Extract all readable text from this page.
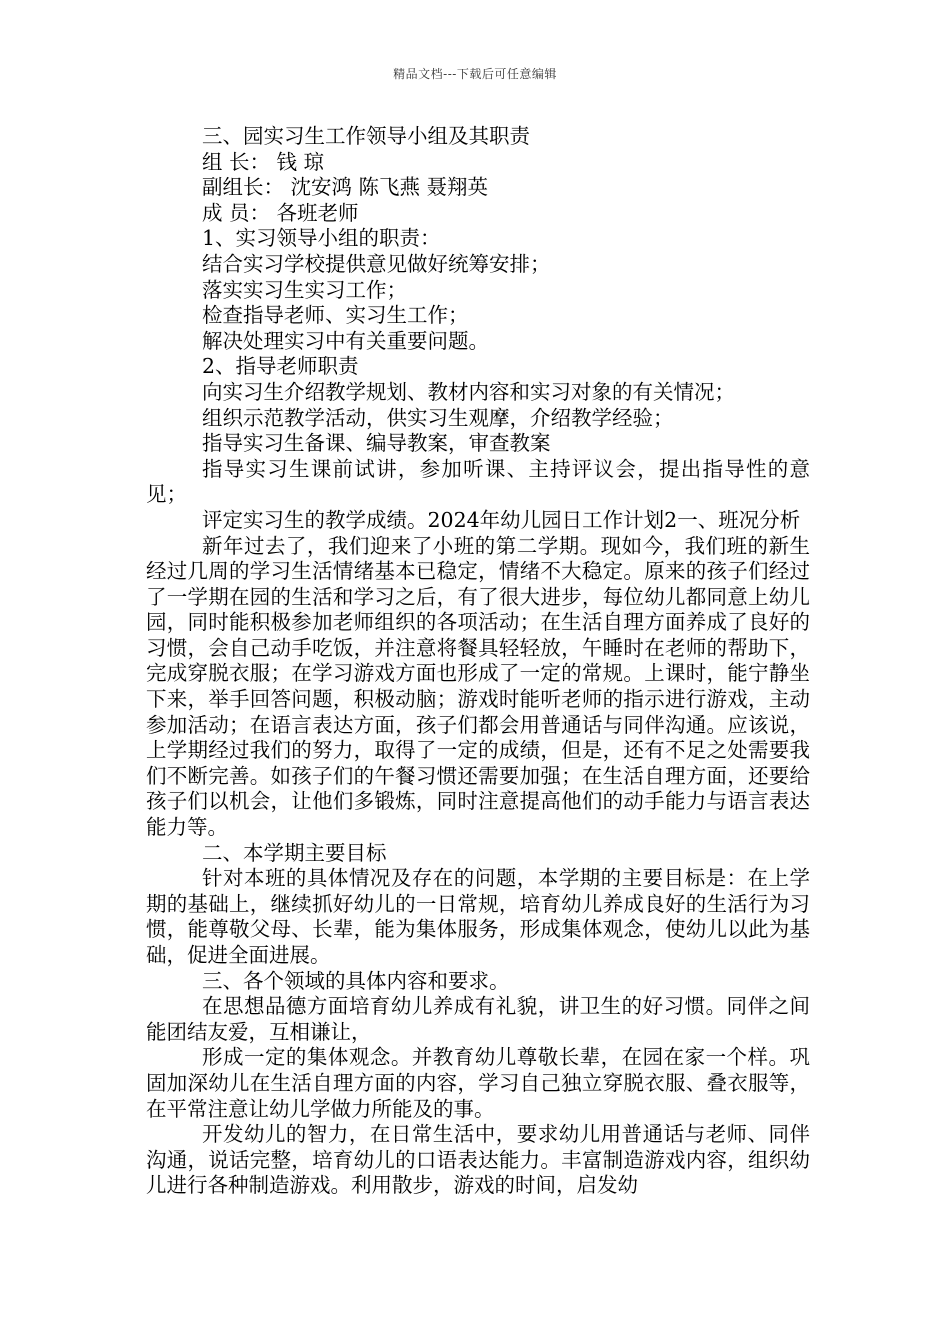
精品文档---下载后可任意编辑

三、园实习生工作领导小组及其职责

组 长： 钱 琼

副组长： 沈安鸿 陈飞燕 聂翔英

成 员： 各班老师

1、实习领导小组的职责：

结合实习学校提供意见做好统筹安排；

落实实习生实习工作；

检查指导老师、实习生工作；

解决处理实习中有关重要问题。

2、指导老师职责

向实习生介绍教学规划、教材内容和实习对象的有关情况；

组织示范教学活动，供实习生观摩，介绍教学经验；

指导实习生备课、编导教案，审查教案

指导实习生课前试讲，参加听课、主持评议会，提出指导性的意见；

评定实习生的教学成绩。2024年幼儿园日工作计划2一、班况分析

新年过去了，我们迎来了小班的第二学期。现如今，我们班的新生经过几周的学习生活情绪基本已稳定，情绪不大稳定。原来的孩子们经过了一学期在园的生活和学习之后，有了很大进步，每位幼儿都同意上幼儿园，同时能积极参加老师组织的各项活动；在生活自理方面养成了良好的习惯，会自己动手吃饭，并注意将餐具轻轻放，午睡时在老师的帮助下，完成穿脱衣服；在学习游戏方面也形成了一定的常规。上课时，能宁静坐下来，举手回答问题，积极动脑；游戏时能听老师的指示进行游戏，主动参加活动；在语言表达方面，孩子们都会用普通话与同伴沟通。应该说，上学期经过我们的努力，取得了一定的成绩，但是，还有不足之处需要我们不断完善。如孩子们的午餐习惯还需要加强；在生活自理方面，还要给孩子们以机会，让他们多锻炼，同时注意提高他们的动手能力与语言表达能力等。

二、本学期主要目标

针对本班的具体情况及存在的问题，本学期的主要目标是：在上学期的基础上，继续抓好幼儿的一日常规，培育幼儿养成良好的生活行为习惯，能尊敬父母、长辈，能为集体服务，形成集体观念，使幼儿以此为基础，促进全面进展。

三、各个领域的具体内容和要求。

在思想品德方面培育幼儿养成有礼貌，讲卫生的好习惯。同伴之间能团结友爱，互相谦让，

形成一定的集体观念。并教育幼儿尊敬长辈，在园在家一个样。巩固加深幼儿在生活自理方面的内容，学习自己独立穿脱衣服、叠衣服等，在平常注意让幼儿学做力所能及的事。

开发幼儿的智力，在日常生活中，要求幼儿用普通话与老师、同伴沟通，说话完整，培育幼儿的口语表达能力。丰富制造游戏内容，组织幼儿进行各种制造游戏。利用散步，游戏的时间，启发幼
